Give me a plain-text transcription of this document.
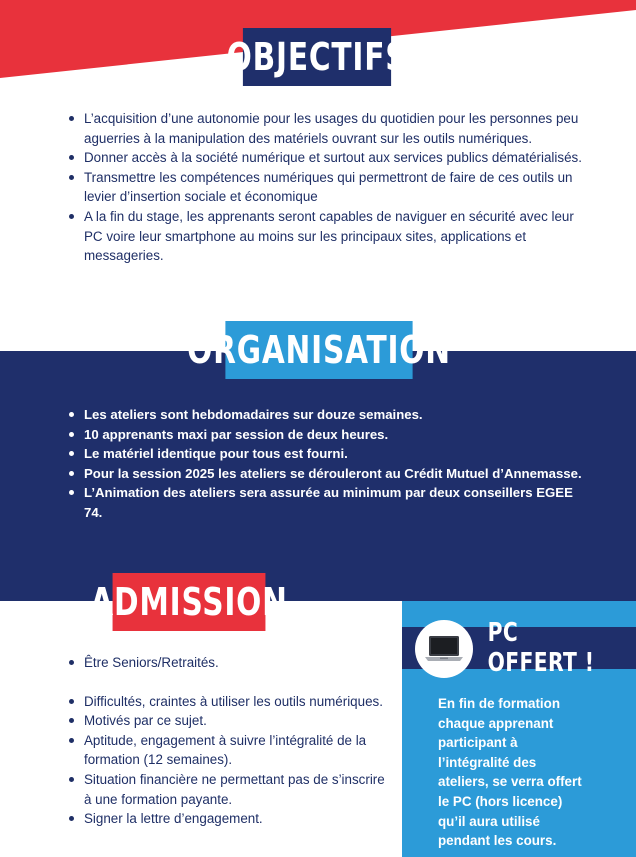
OBJECTIFS
L’acquisition d’une autonomie pour les usages du quotidien pour les personnes peu aguerries à la manipulation des matériels ouvrant sur les outils numériques.
Donner accès à la société numérique et surtout aux services publics dématérialisés.
Transmettre les compétences numériques qui permettront de faire de ces outils un levier d’insertion sociale et économique
A la fin du stage, les apprenants seront capables de naviguer en sécurité avec leur PC voire leur smartphone au moins sur les principaux sites, applications et messageries.
ORGANISATION
Les ateliers sont hebdomadaires sur douze semaines.
10 apprenants maxi par session de deux heures.
Le matériel identique pour tous est fourni.
Pour la session 2025 les ateliers se dérouleront au Crédit Mutuel d’Annemasse.
L’Animation des ateliers sera assurée au minimum par deux conseillers EGEE 74.
ADMISSION
Être Seniors/Retraités.
Difficultés, craintes à utiliser les outils numériques.
Motivés par ce sujet.
Aptitude, engagement à suivre l’intégralité de la formation (12 semaines).
Situation financière ne permettant pas de s’inscrire à une formation payante.
Signer la lettre d’engagement.
PC OFFERT !
En fin de formation
chaque apprenant
participant à
l’intégralité des
ateliers, se verra offert
le PC (hors licence)
qu’il aura utilisé
pendant les cours.
